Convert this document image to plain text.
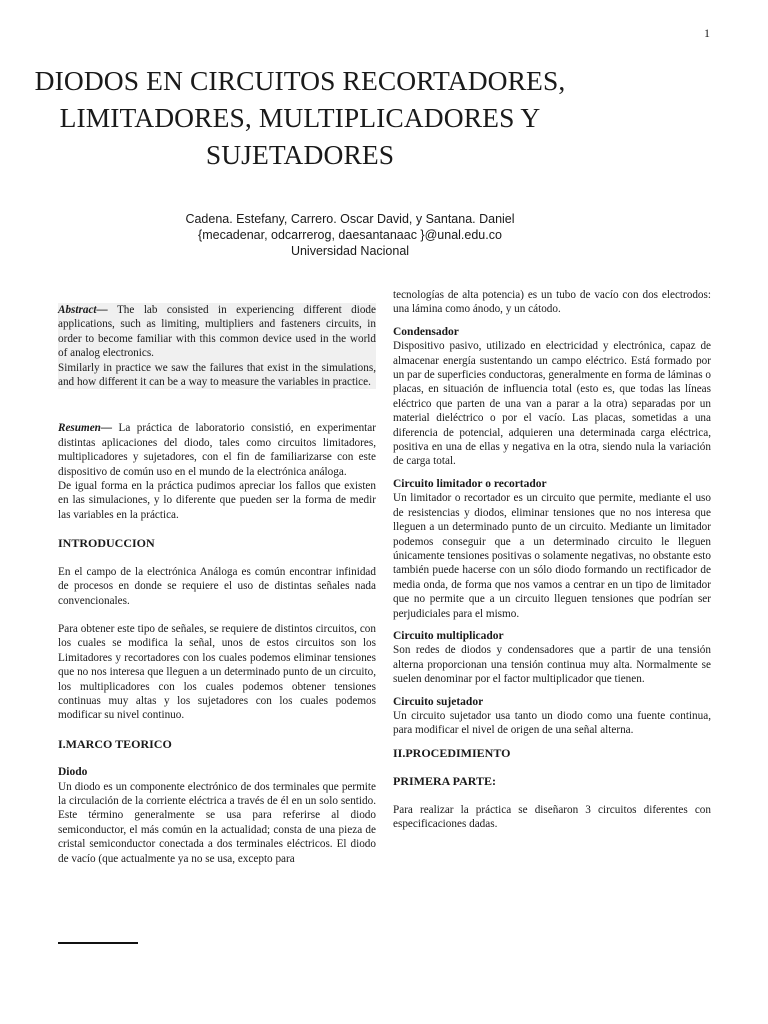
1
DIODOS EN CIRCUITOS RECORTADORES,
LIMITADORES, MULTIPLICADORES Y
SUJETADORES
Cadena. Estefany, Carrero. Oscar David, y Santana. Daniel
{mecadenar, odcarrerog, daesantanaac }@unal.edu.co
Universidad Nacional

Abstract— The lab consisted in experiencing different diode applications, such as limiting, multipliers and fasteners circuits, in order to become familiar with this common device used in the world of analog electronics.

Similarly in practice we saw the failures that exist in the simulations, and how different it can be a way to measure the variables in practice.

Resumen— La práctica de laboratorio consistió, en experimentar distintas aplicaciones del diodo, tales como circuitos limitadores, multiplicadores y sujetadores, con el fin de familiarizarse con este dispositivo de común uso en el mundo de la electrónica análoga.

De igual forma en la práctica pudimos apreciar los fallos que existen en las simulaciones, y lo diferente que pueden ser la forma de medir las variables en la práctica.

INTRODUCCION

En el campo de la electrónica Análoga es común encontrar infinidad de procesos en donde se requiere el uso de distintas señales nada convencionales.

Para obtener este tipo de señales, se requiere de distintos circuitos, con los cuales se modifica la señal, unos de estos circuitos son los Limitadores y recortadores con los cuales podemos eliminar tensiones que no nos interesa que lleguen a un determinado punto de un circuito, los multiplicadores con los cuales podemos obtener tensiones continuas muy altas y los sujetadores con los cuales podemos modificar su nivel continuo.

I.MARCO TEORICO

Diodo

Un diodo es un componente electrónico de dos terminales que permite la circulación de la corriente eléctrica a través de él en un solo sentido. Este término generalmente se usa para referirse al diodo semiconductor, el más común en la actualidad; consta de una pieza de cristal semiconductor conectada a dos terminales eléctricos. El diodo de vacío (que actualmente ya no se usa, excepto para

tecnologías de alta potencia) es un tubo de vacío con dos electrodos: una lámina como ánodo, y un cátodo.

Condensador

Dispositivo pasivo, utilizado en electricidad y electrónica, capaz de almacenar energía sustentando un campo eléctrico. Está formado por un par de superficies conductoras, generalmente en forma de láminas o placas, en situación de influencia total (esto es, que todas las líneas eléctrico que parten de una van a parar a la otra) separadas por un material dieléctrico o por el vacío. Las placas, sometidas a una diferencia de potencial, adquieren una determinada carga eléctrica, positiva en una de ellas y negativa en la otra, siendo nula la variación de carga total.

Circuito limitador o recortador

Un limitador o recortador es un circuito que permite, mediante el uso de resistencias y diodos, eliminar tensiones que no nos interesa que lleguen a un determinado punto de un circuito. Mediante un limitador podemos conseguir que a un determinado circuito le lleguen únicamente tensiones positivas o solamente negativas, no obstante esto también puede hacerse con un sólo diodo formando un rectificador de media onda, de forma que nos vamos a centrar en un tipo de limitador que no permite que a un circuito lleguen tensiones que podrían ser perjudiciales para el mismo.

Circuito multiplicador

Son redes de diodos y condensadores que a partir de una tensión alterna proporcionan una tensión continua muy alta. Normalmente se suelen denominar por el factor multiplicador que tienen.

Circuito sujetador

Un circuito sujetador usa tanto un diodo como una fuente continua, para modificar el nivel de origen de una señal alterna.

II.PROCEDIMIENTO

PRIMERA PARTE:

Para realizar la práctica se diseñaron 3 circuitos diferentes con especificaciones dadas.
